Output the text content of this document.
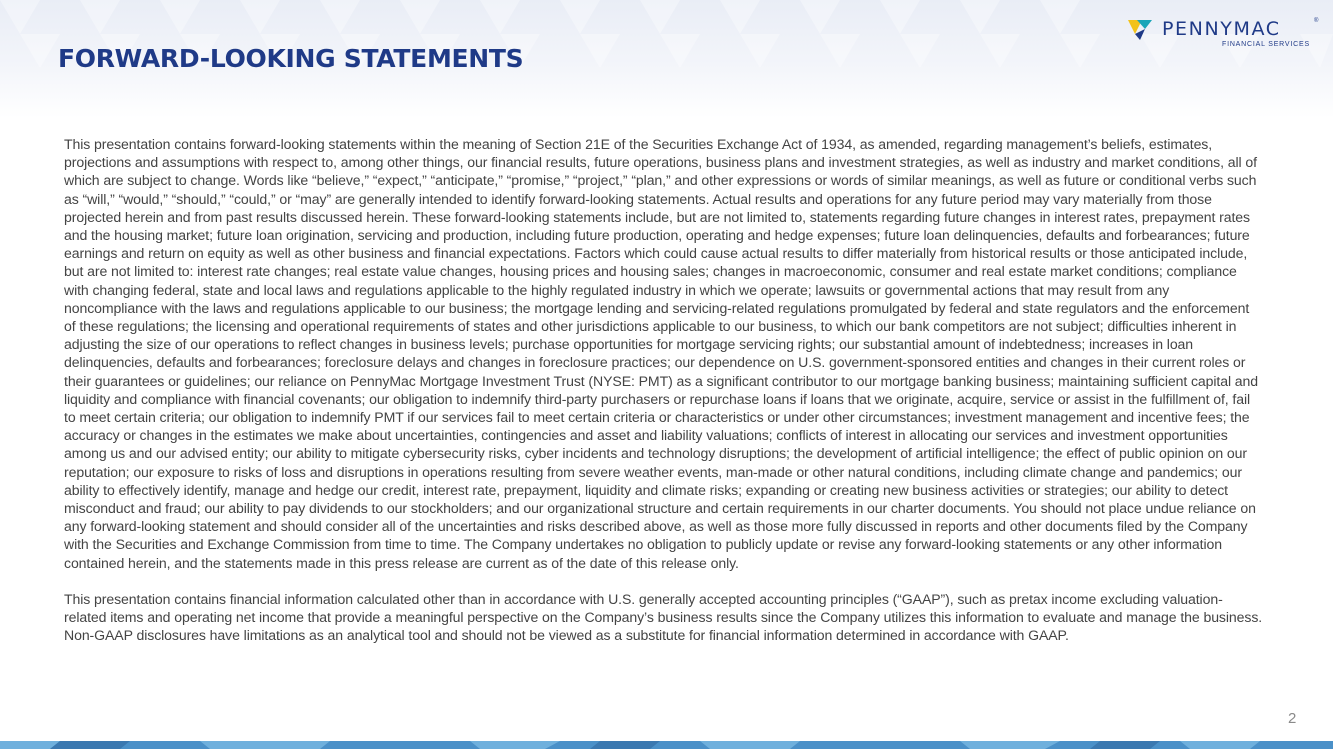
FORWARD-LOOKING STATEMENTS
PENNYMAC	®
FINANCIAL SERVICES

This presentation contains forward-looking statements within the meaning of Section 21E of the Securities Exchange Act of 1934, as amended, regarding management’s beliefs, estimates, projections and assumptions with respect to, among other things, our financial results, future operations, business plans and investment strategies, as well as industry and market conditions, all of which are subject to change. Words like “believe,” “expect,” “anticipate,” “promise,” “project,” “plan,” and other expressions or words of similar meanings, as well as future or conditional verbs such as “will,” “would,” “should,” “could,” or “may” are generally intended to identify forward-looking statements. Actual results and operations for any future period may vary materially from those projected herein and from past results discussed herein. These forward-looking statements include, but are not limited to, statements regarding future changes in interest rates, prepayment rates and the housing market; future loan origination, servicing and production, including future production, operating and hedge expenses; future loan delinquencies, defaults and forbearances; future earnings and return on equity as well as other business and financial expectations. Factors which could cause actual results to differ materially from historical results or those anticipated include, but are not limited to: interest rate changes; real estate value changes, housing prices and housing sales; changes in macroeconomic, consumer and real estate market conditions; compliance with changing federal, state and local laws and regulations applicable to the highly regulated industry in which we operate; lawsuits or governmental actions that may result from any noncompliance with the laws and regulations applicable to our business; the mortgage lending and servicing-related regulations promulgated by federal and state regulators and the enforcement of these regulations; the licensing and operational requirements of states and other jurisdictions applicable to our business, to which our bank competitors are not subject; difficulties inherent in adjusting the size of our operations to reflect changes in business levels; purchase opportunities for mortgage servicing rights; our substantial amount of indebtedness; increases in loan delinquencies, defaults and forbearances; foreclosure delays and changes in foreclosure practices; our dependence on U.S. government-sponsored entities and changes in their current roles or their guarantees or guidelines; our reliance on PennyMac Mortgage Investment Trust (NYSE: PMT) as a significant contributor to our mortgage banking business; maintaining sufficient capital and liquidity and compliance with financial covenants; our obligation to indemnify third-party purchasers or repurchase loans if loans that we originate, acquire, service or assist in the fulfillment of, fail to meet certain criteria; our obligation to indemnify PMT if our services fail to meet certain criteria or characteristics or under other circumstances; investment management and incentive fees; the accuracy or changes in the estimates we make about uncertainties, contingencies and asset and liability valuations; conflicts of interest in allocating our services and investment opportunities among us and our advised entity; our ability to mitigate cybersecurity risks, cyber incidents and technology disruptions; the development of artificial intelligence; the effect of public opinion on our reputation; our exposure to risks of loss and disruptions in operations resulting from severe weather events, man-made or other natural conditions, including climate change and pandemics; our ability to effectively identify, manage and hedge our credit, interest rate, prepayment, liquidity and climate risks; expanding or creating new business activities or strategies; our ability to detect misconduct and fraud; our ability to pay dividends to our stockholders; and our organizational structure and certain requirements in our charter documents. You should not place undue reliance on any forward-looking statement and should consider all of the uncertainties and risks described above, as well as those more fully discussed in reports and other documents filed by the Company with the Securities and Exchange Commission from time to time. The Company undertakes no obligation to publicly update or revise any forward-looking statements or any other information contained herein, and the statements made in this press release are current as of the date of this release only.

This presentation contains financial information calculated other than in accordance with U.S. generally accepted accounting principles (“GAAP”), such as pretax income excluding valuation-related items and operating net income that provide a meaningful perspective on the Company’s business results since the Company utilizes this information to evaluate and manage the business. Non-GAAP disclosures have limitations as an analytical tool and should not be viewed as a substitute for financial information determined in accordance with GAAP.

2
